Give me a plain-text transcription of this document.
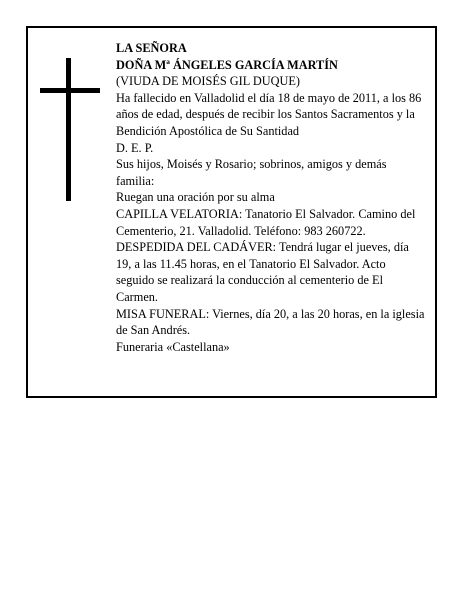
LA SEÑORA

DOÑA Mª ÁNGELES GARCÍA MARTÍN

(VIUDA DE MOISÉS GIL DUQUE)

Ha fallecido en Valladolid el día 18 de mayo de 2011, a los 86 años de edad, después de recibir los Santos Sacramentos y la Bendición Apostólica de Su Santidad

D. E. P.

Sus hijos, Moisés y Rosario; sobrinos, amigos y demás familia:

Ruegan una oración por su alma

CAPILLA VELATORIA: Tanatorio El Salvador. Camino del Cementerio, 21. Valladolid. Teléfono: 983 260722.

DESPEDIDA DEL CADÁVER: Tendrá lugar el jueves, día 19, a las 11.45 horas, en el Tanatorio El Salvador. Acto seguido se realizará la conducción al cementerio de El Carmen.

MISA FUNERAL: Viernes, día 20, a las 20 horas, en la iglesia de San Andrés.

Funeraria «Castellana»
